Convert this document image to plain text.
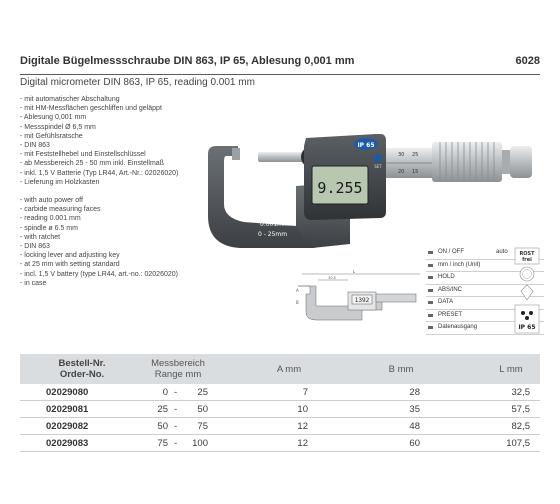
Digitale Bügelmessschraube DIN 863, IP 65, Ablesung 0,001 mm	6028
Digital micrometer DIN 863, IP 65, reading 0.001 mm
- mit automatischer Abschaltung
- mit HM-Messflächen geschliffen und geläppt
- Ablesung 0,001 mm
- Messspindel Ø 6,5 mm
- mit Gefühlsratsche
- DIN 863
- mit Feststellhebel und Einstellschlüssel
- ab Messbereich 25 - 50 mm inkl. Einstellmaß
- inkl. 1,5 V Batterie (Typ LR44, Art.-Nr.: 02026020)
- Lieferung im Holzkasten
- with auto power off
- carbide measuring faces
- reading 0.001 mm
- spindle ø 6.5 mm
- with ratchet
- DIN 863
- locking lever and adjusting key
- at 25 mm with setting standard
- incl. 1,5 V battery (type LR44, art.-no.: 02026020)
- in case
9.255
IP 65
SET
0.001mm
0 - 25mm
30 25
20 15
L
30.5
1392
A
B
ON / OFF	auto
mm / inch (Unit)
HOLD
ABS/INC
DATA
PRESET
Datenausgang
ROST
frei
IP 65
Bestell-Nr.
Order-No.
Messbereich
Range mm	A mm	B mm	L mm
02029080	0 -	25	7	28	32,5
02029081	25 -	50	10	35	57,5
02029082	50 -	75	12	48	82,5
02029083	75 -	100	12	60	107,5
